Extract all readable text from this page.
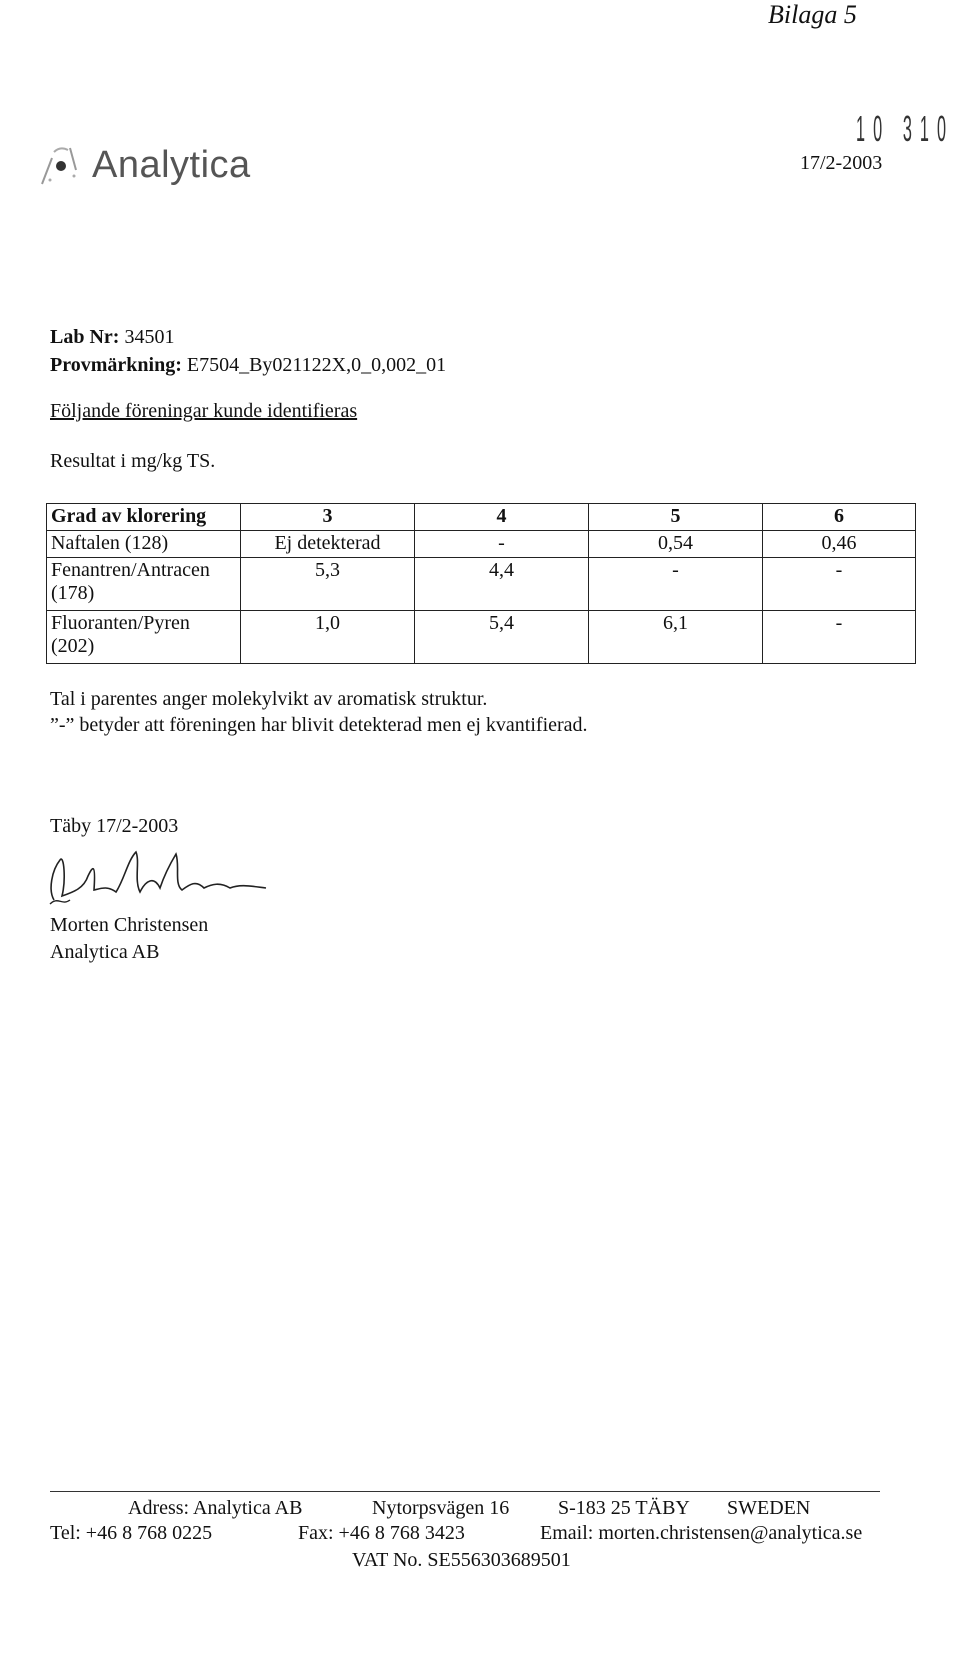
Bilaga 5
10 310
Analytica	17/2-2003
Lab Nr: 34501
Provmärkning: E7504_By021122X,0_0,002_01
Följande föreningar kunde identifieras
Resultat i mg/kg TS.
Grad av klorering	3	4	5	6
Naftalen (128)	Ej detekterad	-	0,54	0,46
Fenantren/Antracen (178)	5,3	4,4	-	-
Fluoranten/Pyren (202)	1,0	5,4	6,1	-
Tal i parentes anger molekylvikt av aromatisk struktur.
”-” betyder att föreningen har blivit detekterad men ej kvantifierad.
Täby 17/2-2003
Morten Christensen
Analytica AB
Adress: Analytica AB	Nytorpsvägen 16 S-183 25 TÄBY SWEDEN
Tel: +46 8 768 0225	Fax: +46 8 768 3423	Email: morten.christensen@analytica.se
VAT No. SE556303689501
